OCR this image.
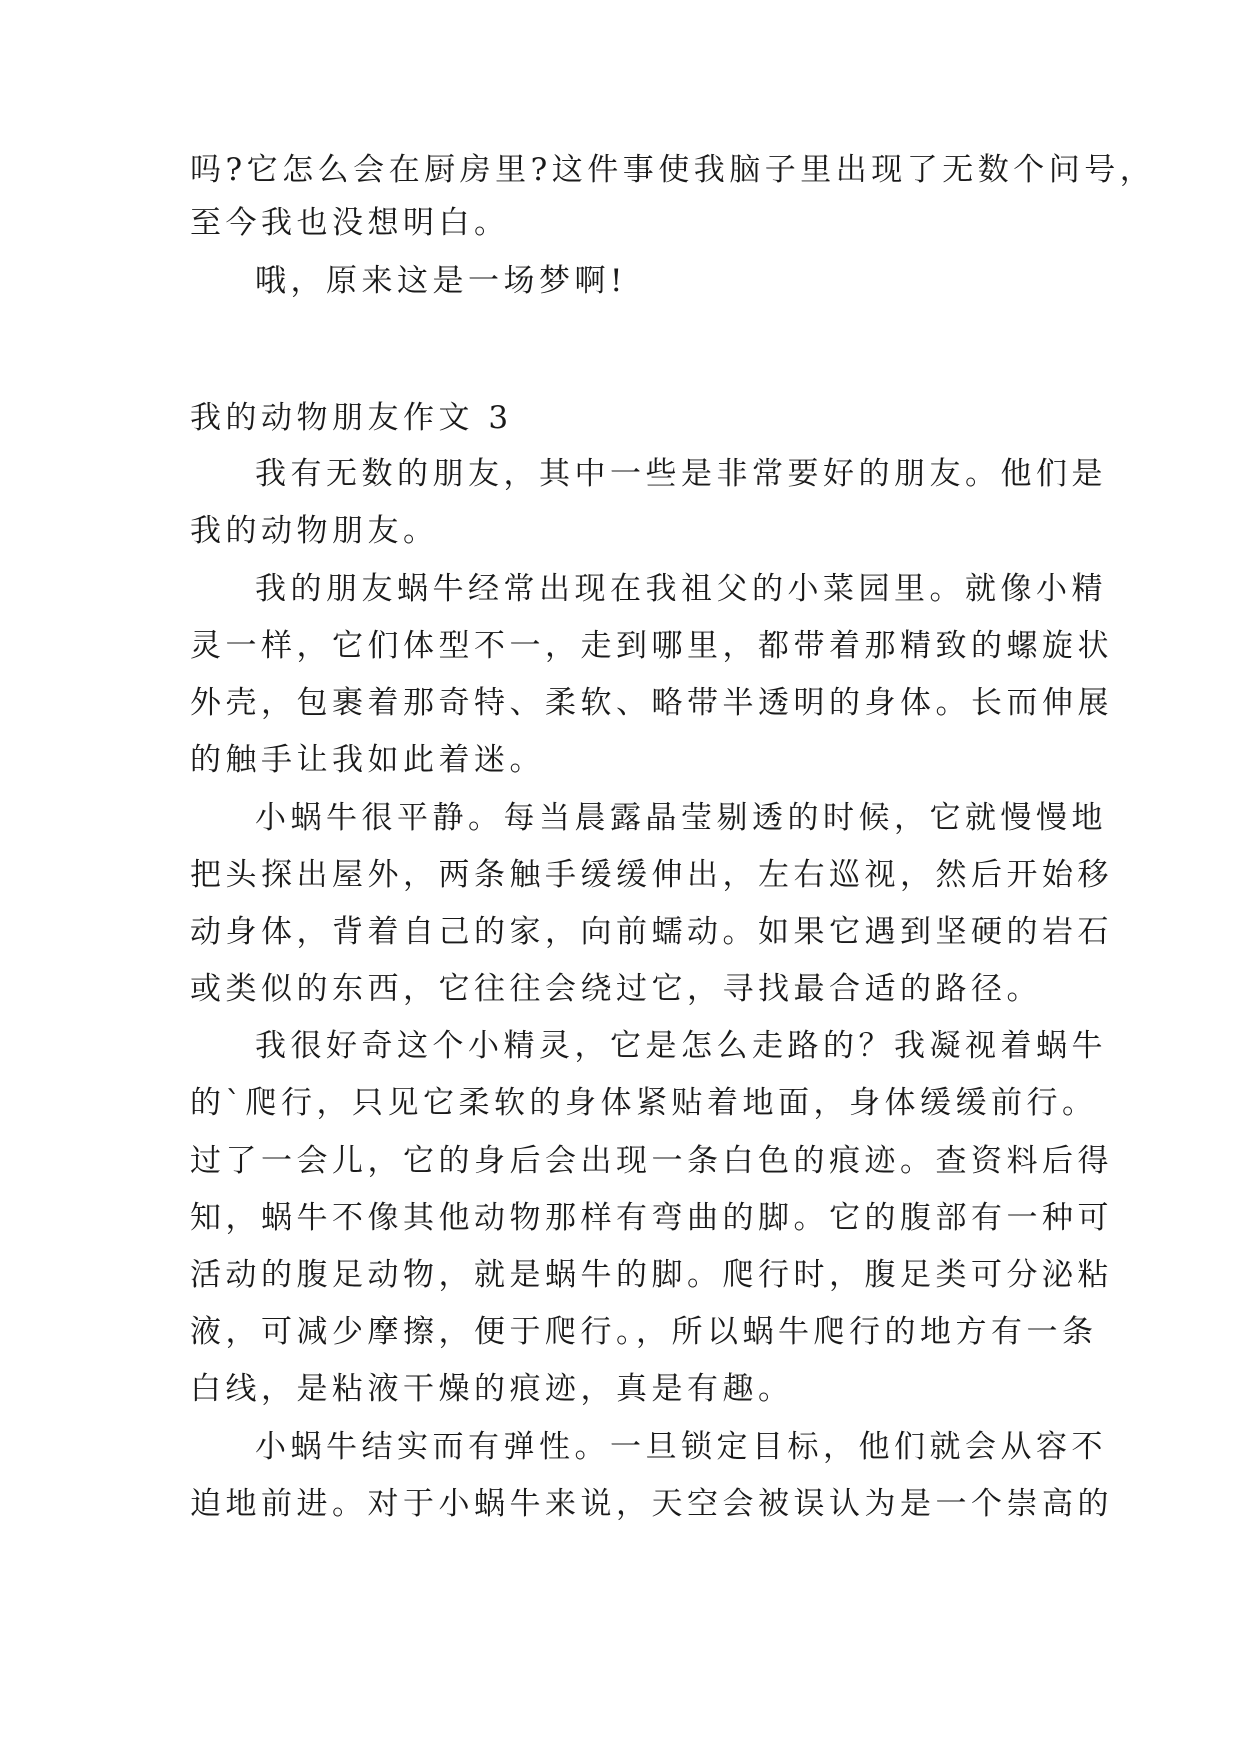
吗?它怎么会在厨房里?这件事使我脑子里出现了无数个问号，
至今我也没想明白。
哦，原来这是一场梦啊!
我的动物朋友作文 3
我有无数的朋友，其中一些是非常要好的朋友。他们是
我的动物朋友。
我的朋友蜗牛经常出现在我祖父的小菜园里。就像小精
灵一样，它们体型不一，走到哪里，都带着那精致的螺旋状
外壳，包裹着那奇特、柔软、略带半透明的身体。长而伸展
的触手让我如此着迷。
小蜗牛很平静。每当晨露晶莹剔透的时候，它就慢慢地
把头探出屋外，两条触手缓缓伸出，左右巡视，然后开始移
动身体，背着自己的家，向前蠕动。如果它遇到坚硬的岩石
或类似的东西，它往往会绕过它，寻找最合适的路径。
我很好奇这个小精灵，它是怎么走路的？我凝视着蜗牛
的`爬行，只见它柔软的身体紧贴着地面，身体缓缓前行。
过了一会儿，它的身后会出现一条白色的痕迹。查资料后得
知，蜗牛不像其他动物那样有弯曲的脚。它的腹部有一种可
活动的腹足动物，就是蜗牛的脚。爬行时，腹足类可分泌粘
液，可减少摩擦，便于爬行。，所以蜗牛爬行的地方有一条
白线，是粘液干燥的痕迹，真是有趣。
小蜗牛结实而有弹性。一旦锁定目标，他们就会从容不
迫地前进。对于小蜗牛来说，天空会被误认为是一个崇高的
